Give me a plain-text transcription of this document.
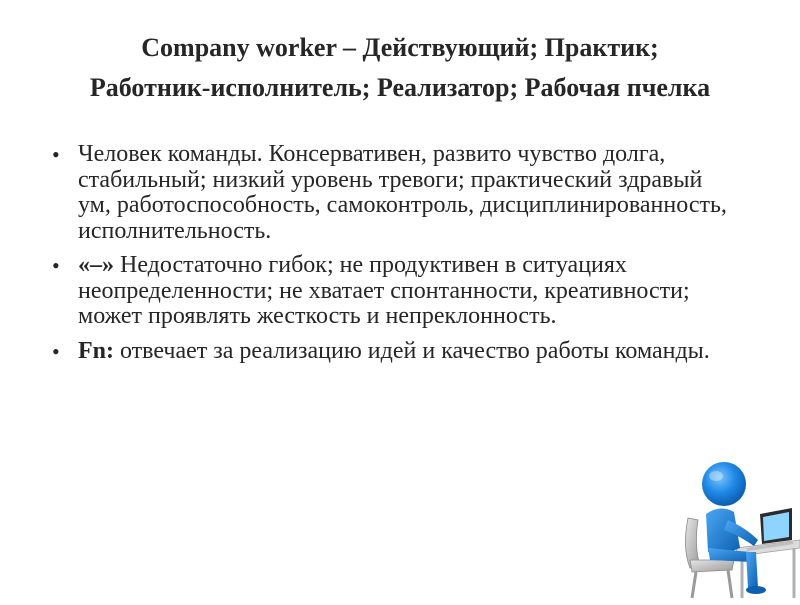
Company worker – Действующий; Практик;
Работник-исполнитель; Реализатор; Рабочая пчелка
• Человек команды. Консервативен, развито чувство долга, стабильный; низкий уровень тревоги; практический здравый ум, работоспособность, самоконтроль, дисциплинированность, исполнительность.
• «–» Недостаточно гибок; не продуктивен в ситуациях неопределенности; не хватает спонтанности, креативности; может проявлять жесткость и непреклонность.
• Fn: отвечает за реализацию идей и качество работы команды.
